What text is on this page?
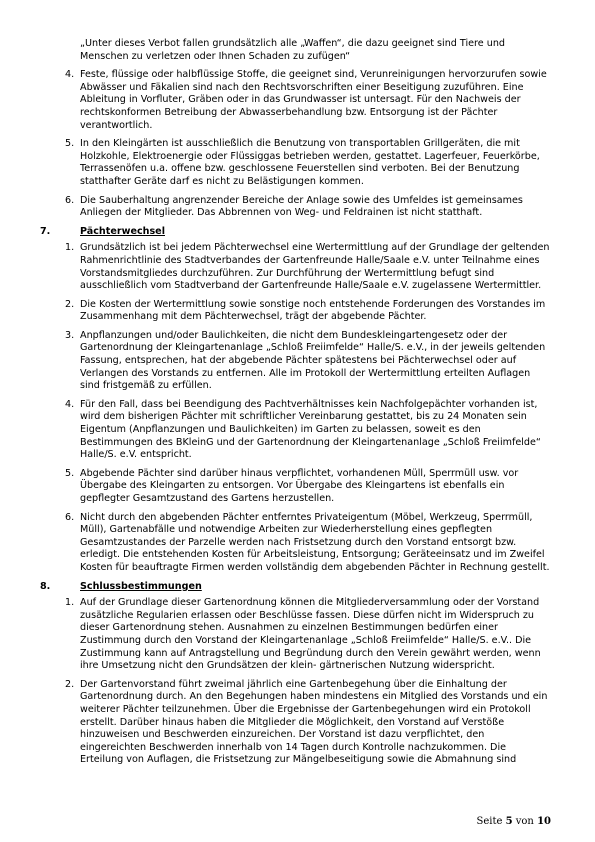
„Unter dieses Verbot fallen grundsätzlich alle „Waffen“, die dazu geeignet sind Tiere und Menschen zu verletzen oder Ihnen Schaden zu zufügen“

4. Feste, flüssige oder halbflüssige Stoffe, die geeignet sind, Verunreinigungen hervorzurufen sowie Abwässer und Fäkalien sind nach den Rechtsvorschriften einer Beseitigung zuzuführen. Eine Ableitung in Vorfluter, Gräben oder in das Grundwasser ist untersagt. Für den Nachweis der rechtskonformen Betreibung der Abwasserbehandlung bzw. Entsorgung ist der Pächter verantwortlich.

5. In den Kleingärten ist ausschließlich die Benutzung von transportablen Grillgeräten, die mit Holzkohle, Elektroenergie oder Flüssiggas betrieben werden, gestattet. Lagerfeuer, Feuerkörbe, Terrassenöfen u.a. offene bzw. geschlossene Feuerstellen sind verboten. Bei der Benutzung statthafter Geräte darf es nicht zu Belästigungen kommen.

6. Die Sauberhaltung angrenzender Bereiche der Anlage sowie des Umfeldes ist gemeinsames Anliegen der Mitglieder. Das Abbrennen von Weg- und Feldrainen ist nicht statthaft.

7.	Pächterwechsel
1. Grundsätzlich ist bei jedem Pächterwechsel eine Wertermittlung auf der Grundlage der geltenden Rahmenrichtlinie des Stadtverbandes der Gartenfreunde Halle/Saale e.V. unter Teilnahme eines Vorstandsmitgliedes durchzuführen. Zur Durchführung der Wertermittlung befugt sind ausschließlich vom Stadtverband der Gartenfreunde Halle/Saale e.V. zugelassene Wertermittler.

2. Die Kosten der Wertermittlung sowie sonstige noch entstehende Forderungen des Vorstandes im Zusammenhang mit dem Pächterwechsel, trägt der abgebende Pächter.

3. Anpflanzungen und/oder Baulichkeiten, die nicht dem Bundeskleingartengesetz oder der Gartenordnung der Kleingartenanlage „Schloß Freiimfelde“ Halle/S. e.V., in der jeweils geltenden Fassung, entsprechen, hat der abgebende Pächter spätestens bei Pächterwechsel oder auf Verlangen des Vorstands zu entfernen. Alle im Protokoll der Wertermittlung erteilten Auflagen sind fristgemäß zu erfüllen.

4. Für den Fall, dass bei Beendigung des Pachtverhältnisses kein Nachfolgepächter vorhanden ist, wird dem bisherigen Pächter mit schriftlicher Vereinbarung gestattet, bis zu 24 Monaten sein Eigentum (Anpflanzungen und Baulichkeiten) im Garten zu belassen, soweit es den Bestimmungen des BKleinG und der Gartenordnung der Kleingartenanlage „Schloß Freiimfelde“ Halle/S. e.V. entspricht.

5. Abgebende Pächter sind darüber hinaus verpflichtet, vorhandenen Müll, Sperrmüll usw. vor Übergabe des Kleingarten zu entsorgen. Vor Übergabe des Kleingartens ist ebenfalls ein gepflegter Gesamtzustand des Gartens herzustellen.

6. Nicht durch den abgebenden Pächter entferntes Privateigentum (Möbel, Werkzeug, Sperrmüll, Müll), Gartenabfälle und notwendige Arbeiten zur Wiederherstellung eines gepflegten Gesamtzustandes der Parzelle werden nach Fristsetzung durch den Vorstand entsorgt bzw. erledigt. Die entstehenden Kosten für Arbeitsleistung, Entsorgung; Geräteeinsatz und im Zweifel Kosten für beauftragte Firmen werden vollständig dem abgebenden Pächter in Rechnung gestellt.

8.	Schlussbestimmungen
1. Auf der Grundlage dieser Gartenordnung können die Mitgliederversammlung oder der Vorstand zusätzliche Regularien erlassen oder Beschlüsse fassen. Diese dürfen nicht im Widerspruch zu dieser Gartenordnung stehen. Ausnahmen zu einzelnen Bestimmungen bedürfen einer Zustimmung durch den Vorstand der Kleingartenanlage „Schloß Freiimfelde“ Halle/S. e.V.. Die Zustimmung kann auf Antragstellung und Begründung durch den Verein gewährt werden, wenn ihre Umsetzung nicht den Grundsätzen der klein- gärtnerischen Nutzung widerspricht.

2. Der Gartenvorstand führt zweimal jährlich eine Gartenbegehung über die Einhaltung der Gartenordnung durch. An den Begehungen haben mindestens ein Mitglied des Vorstands und ein weiterer Pächter teilzunehmen. Über die Ergebnisse der Gartenbegehungen wird ein Protokoll erstellt. Darüber hinaus haben die Mitglieder die Möglichkeit, den Vorstand auf Verstöße hinzuweisen und Beschwerden einzureichen. Der Vorstand ist dazu verpflichtet, den eingereichten Beschwerden innerhalb von 14 Tagen durch Kontrolle nachzukommen. Die Erteilung von Auflagen, die Fristsetzung zur Mängelbeseitigung sowie die Abmahnung sind

Seite 5 von 10
